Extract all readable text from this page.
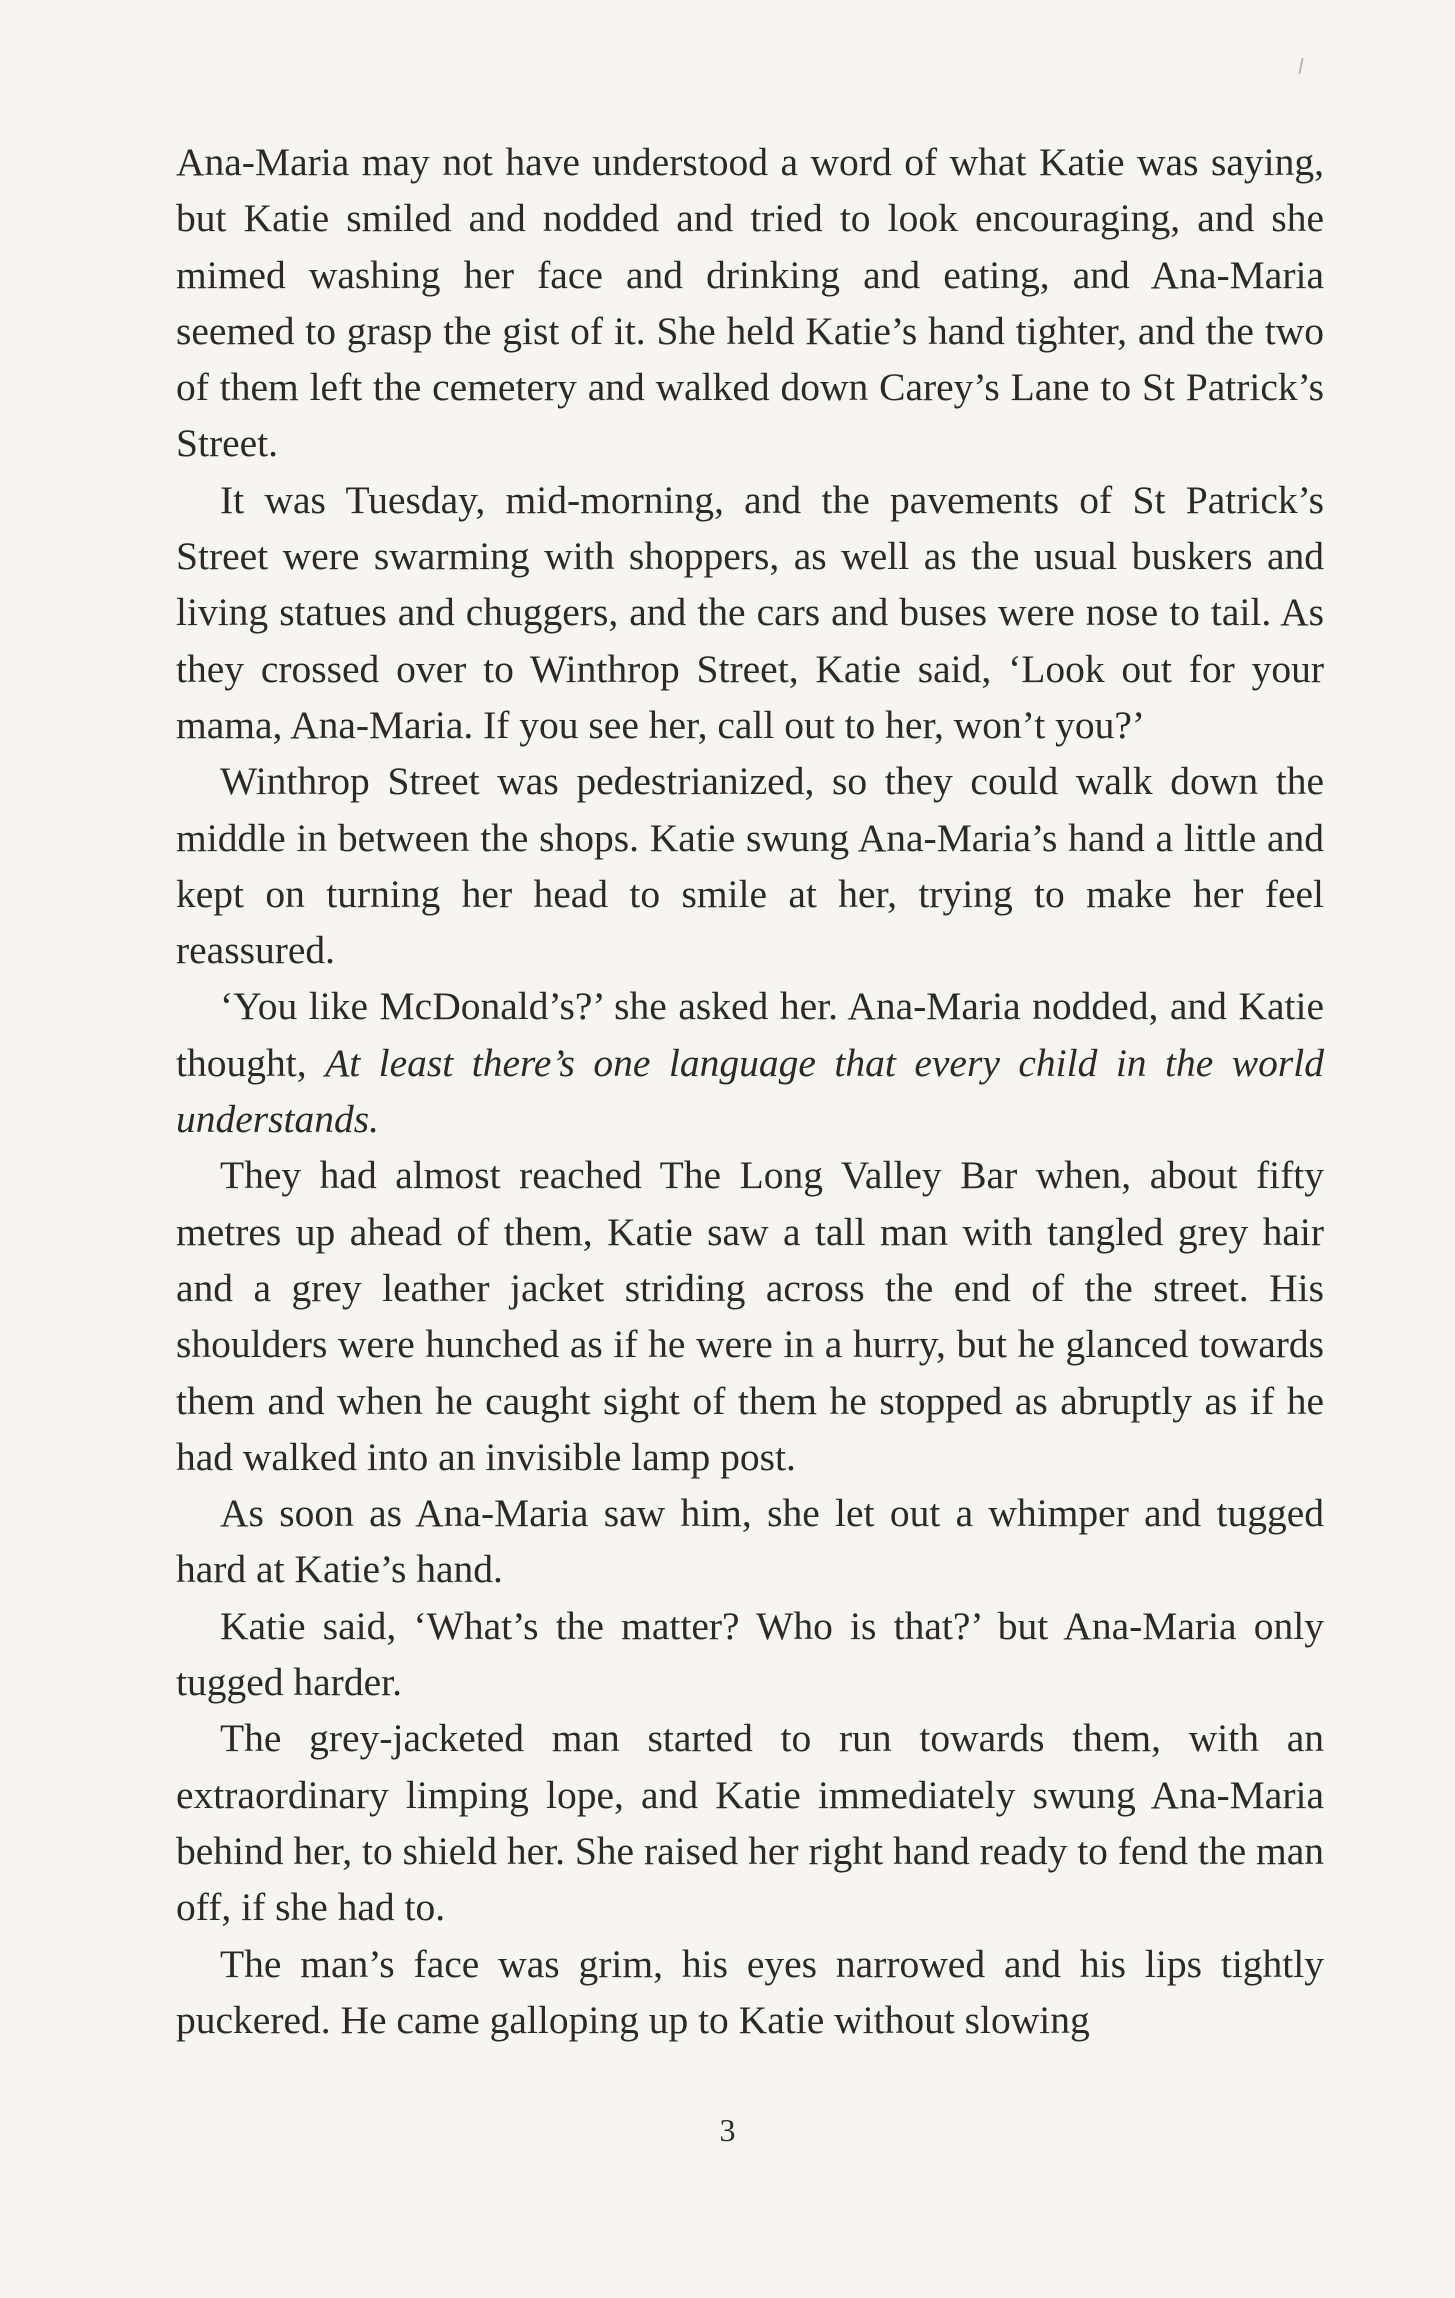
Ana-Maria may not have understood a word of what Katie was saying, but Katie smiled and nodded and tried to look encouraging, and she mimed washing her face and drinking and eating, and Ana-Maria seemed to grasp the gist of it. She held Katie’s hand tighter, and the two of them left the cemetery and walked down Carey’s Lane to St Patrick’s Street.

It was Tuesday, mid-morning, and the pavements of St Patrick’s Street were swarming with shoppers, as well as the usual buskers and living statues and chuggers, and the cars and buses were nose to tail. As they crossed over to Winthrop Street, Katie said, ‘Look out for your mama, Ana-Maria. If you see her, call out to her, won’t you?’

Winthrop Street was pedestrianized, so they could walk down the middle in between the shops. Katie swung Ana-Maria’s hand a little and kept on turning her head to smile at her, trying to make her feel reassured.

‘You like McDonald’s?’ she asked her. Ana-Maria nodded, and Katie thought, At least there’s one language that every child in the world understands.

They had almost reached The Long Valley Bar when, about fifty metres up ahead of them, Katie saw a tall man with tangled grey hair and a grey leather jacket striding across the end of the street. His shoulders were hunched as if he were in a hurry, but he glanced towards them and when he caught sight of them he stopped as abruptly as if he had walked into an invisible lamp post.

As soon as Ana-Maria saw him, she let out a whimper and tugged hard at Katie’s hand.

Katie said, ‘What’s the matter? Who is that?’ but Ana-Maria only tugged harder.

The grey-jacketed man started to run towards them, with an extraordinary limping lope, and Katie immediately swung Ana-Maria behind her, to shield her. She raised her right hand ready to fend the man off, if she had to.

The man’s face was grim, his eyes narrowed and his lips tightly puckered. He came galloping up to Katie without slowing

3
